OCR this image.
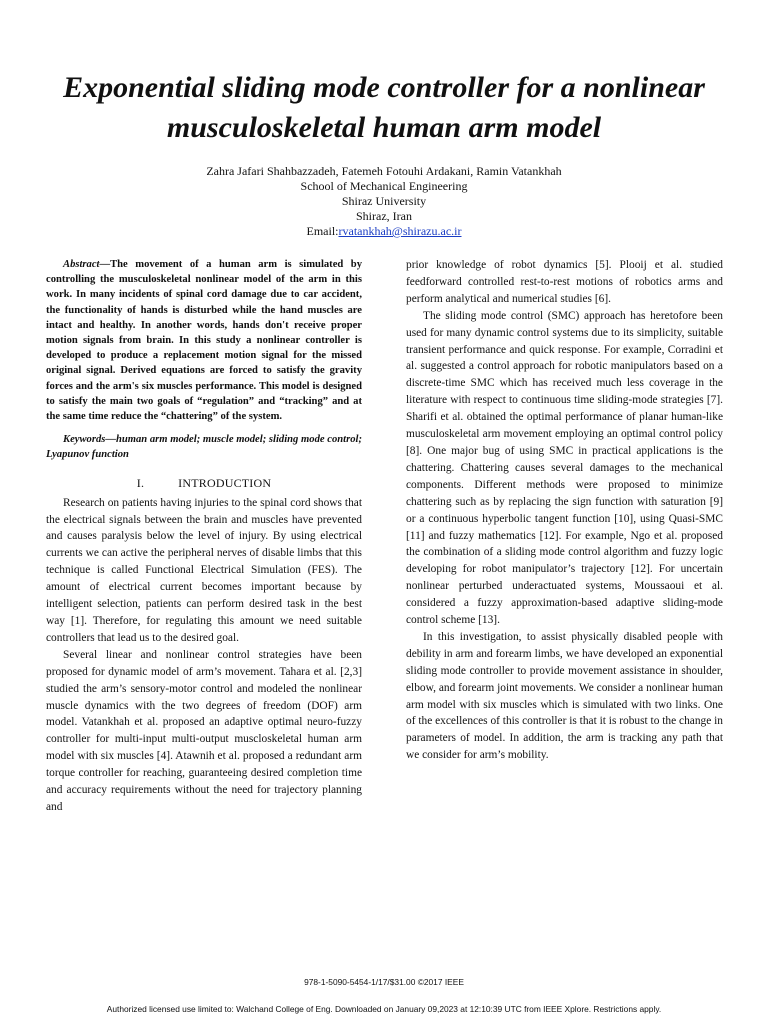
Exponential sliding mode controller for a nonlinear
musculoskeletal human arm model
Zahra Jafari Shahbazzadeh, Fatemeh Fotouhi Ardakani, Ramin Vatankhah
School of Mechanical Engineering
Shiraz University
Shiraz, Iran
Email:rvatankhah@shirazu.ac.ir

Abstract—The movement of a human arm is simulated by controlling the musculoskeletal nonlinear model of the arm in this work. In many incidents of spinal cord damage due to car accident, the functionality of hands is disturbed while the hand muscles are intact and healthy. In another words, hands don't receive proper motion signals from brain. In this study a nonlinear controller is developed to produce a replacement motion signal for the missed original signal. Derived equations are forced to satisfy the gravity forces and the arm's six muscles performance. This model is designed to satisfy the main two goals of “regulation” and “tracking” and at the same time reduce the “chattering” of the system.

Keywords—human arm model; muscle model; sliding mode control; Lyapunov function

I.	INTRODUCTION

Research on patients having injuries to the spinal cord shows that the electrical signals between the brain and muscles have prevented and causes paralysis below the level of injury. By using electrical currents we can active the peripheral nerves of disable limbs that this technique is called Functional Electrical Simulation (FES). The amount of electrical current becomes important because by intelligent selection, patients can perform desired task in the best way [1]. Therefore, for regulating this amount we need suitable controllers that lead us to the desired goal.

Several linear and nonlinear control strategies have been proposed for dynamic model of arm’s movement. Tahara et al. [2,3] studied the arm’s sensory-motor control and modeled the nonlinear muscle dynamics with the two degrees of freedom (DOF) arm model. Vatankhah et al. proposed an adaptive optimal neuro-fuzzy controller for multi-input multi-output muscloskeletal human arm model with six muscles [4]. Atawnih et al. proposed a redundant arm torque controller for reaching, guaranteeing desired completion time and accuracy requirements without the need for trajectory planning and

prior knowledge of robot dynamics [5]. Plooij et al. studied feedforward controlled rest-to-rest motions of robotics arms and perform analytical and numerical studies [6].

The sliding mode control (SMC) approach has heretofore been used for many dynamic control systems due to its simplicity, suitable transient performance and quick response. For example, Corradini et al. suggested a control approach for robotic manipulators based on a discrete-time SMC which has received much less coverage in the literature with respect to continuous time sliding-mode strategies [7]. Sharifi et al. obtained the optimal performance of planar human-like musculoskeletal arm movement employing an optimal control policy [8]. One major bug of using SMC in practical applications is the chattering. Chattering causes several damages to the mechanical components. Different methods were proposed to minimize chattering such as by replacing the sign function with saturation [9] or a continuous hyperbolic tangent function [10], using Quasi-SMC [11] and fuzzy mathematics [12]. For example, Ngo et al. proposed the combination of a sliding mode control algorithm and fuzzy logic developing for robot manipulator’s trajectory [12]. For uncertain nonlinear perturbed underactuated systems, Moussaoui et al. considered a fuzzy approximation-based adaptive sliding-mode control scheme [13].

In this investigation, to assist physically disabled people with debility in arm and forearm limbs, we have developed an exponential sliding mode controller to provide movement assistance in shoulder, elbow, and forearm joint movements. We consider a nonlinear human arm model with six muscles which is simulated with two links. One of the excellences of this controller is that it is robust to the change in parameters of model. In addition, the arm is tracking any path that we consider for arm’s mobility.

978-1-5090-5454-1/17/$31.00 ©2017 IEEE
Authorized licensed use limited to: Walchand College of Eng. Downloaded on January 09,2023 at 12:10:39 UTC from IEEE Xplore. Restrictions apply.
